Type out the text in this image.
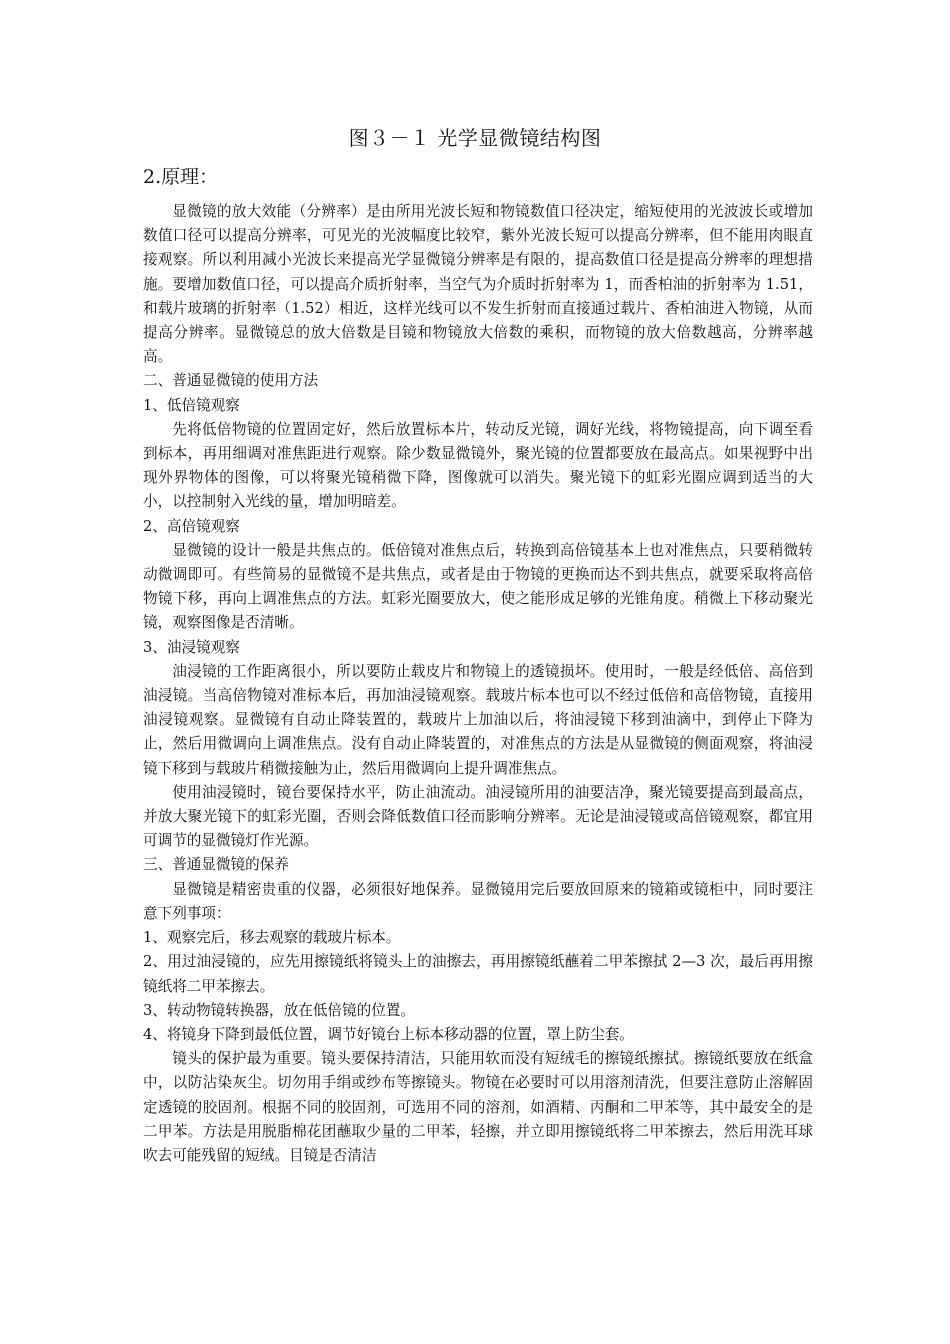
图３－１ 光学显微镜结构图
2.原理：

显微镜的放大效能（分辨率）是由所用光波长短和物镜数值口径决定，缩短使用的光波波长或增加数值口径可以提高分辨率，可见光的光波幅度比较窄，紫外光波长短可以提高分辨率，但不能用肉眼直接观察。所以利用减小光波长来提高光学显微镜分辨率是有限的，提高数值口径是提高分辨率的理想措施。要增加数值口径，可以提高介质折射率，当空气为介质时折射率为 1，而香柏油的折射率为 1.51，和载片玻璃的折射率（1.52）相近，这样光线可以不发生折射而直接通过载片、香柏油进入物镜，从而提高分辨率。显微镜总的放大倍数是目镜和物镜放大倍数的乘积，而物镜的放大倍数越高，分辨率越高。

二、普通显微镜的使用方法

1、低倍镜观察

先将低倍物镜的位置固定好，然后放置标本片，转动反光镜，调好光线，将物镜提高，向下调至看到标本，再用细调对准焦距进行观察。除少数显微镜外，聚光镜的位置都要放在最高点。如果视野中出现外界物体的图像，可以将聚光镜稍微下降，图像就可以消失。聚光镜下的虹彩光圈应调到适当的大小，以控制射入光线的量，增加明暗差。

2、高倍镜观察

显微镜的设计一般是共焦点的。低倍镜对准焦点后，转换到高倍镜基本上也对准焦点，只要稍微转动微调即可。有些简易的显微镜不是共焦点，或者是由于物镜的更换而达不到共焦点，就要采取将高倍物镜下移，再向上调准焦点的方法。虹彩光圈要放大，使之能形成足够的光锥角度。稍微上下移动聚光镜，观察图像是否清晰。

3、油浸镜观察

油浸镜的工作距离很小，所以要防止载皮片和物镜上的透镜损坏。使用时，一般是经低倍、高倍到油浸镜。当高倍物镜对准标本后，再加油浸镜观察。载玻片标本也可以不经过低倍和高倍物镜，直接用油浸镜观察。显微镜有自动止降装置的，载玻片上加油以后，将油浸镜下移到油滴中，到停止下降为止，然后用微调向上调准焦点。没有自动止降装置的，对准焦点的方法是从显微镜的侧面观察，将油浸镜下移到与载玻片稍微接触为止，然后用微调向上提升调准焦点。

使用油浸镜时，镜台要保持水平，防止油流动。油浸镜所用的油要洁净，聚光镜要提高到最高点，并放大聚光镜下的虹彩光圈，否则会降低数值口径而影响分辨率。无论是油浸镜或高倍镜观察，都宜用可调节的显微镜灯作光源。

三、普通显微镜的保养

显微镜是精密贵重的仪器，必须很好地保养。显微镜用完后要放回原来的镜箱或镜柜中，同时要注意下列事项：

1、观察完后，移去观察的载玻片标本。

2、用过油浸镜的，应先用擦镜纸将镜头上的油擦去，再用擦镜纸蘸着二甲苯擦拭 2—3 次，最后再用擦镜纸将二甲苯擦去。

3、转动物镜转换器，放在低倍镜的位置。

4、将镜身下降到最低位置，调节好镜台上标本移动器的位置，罩上防尘套。

镜头的保护最为重要。镜头要保持清洁，只能用软而没有短绒毛的擦镜纸擦拭。擦镜纸要放在纸盒中，以防沾染灰尘。切勿用手绢或纱布等擦镜头。物镜在必要时可以用溶剂清洗，但要注意防止溶解固定透镜的胶固剂。根据不同的胶固剂，可选用不同的溶剂，如酒精、丙酮和二甲苯等，其中最安全的是二甲苯。方法是用脱脂棉花团蘸取少量的二甲苯，轻擦，并立即用擦镜纸将二甲苯擦去，然后用洗耳球吹去可能残留的短绒。目镜是否清洁
